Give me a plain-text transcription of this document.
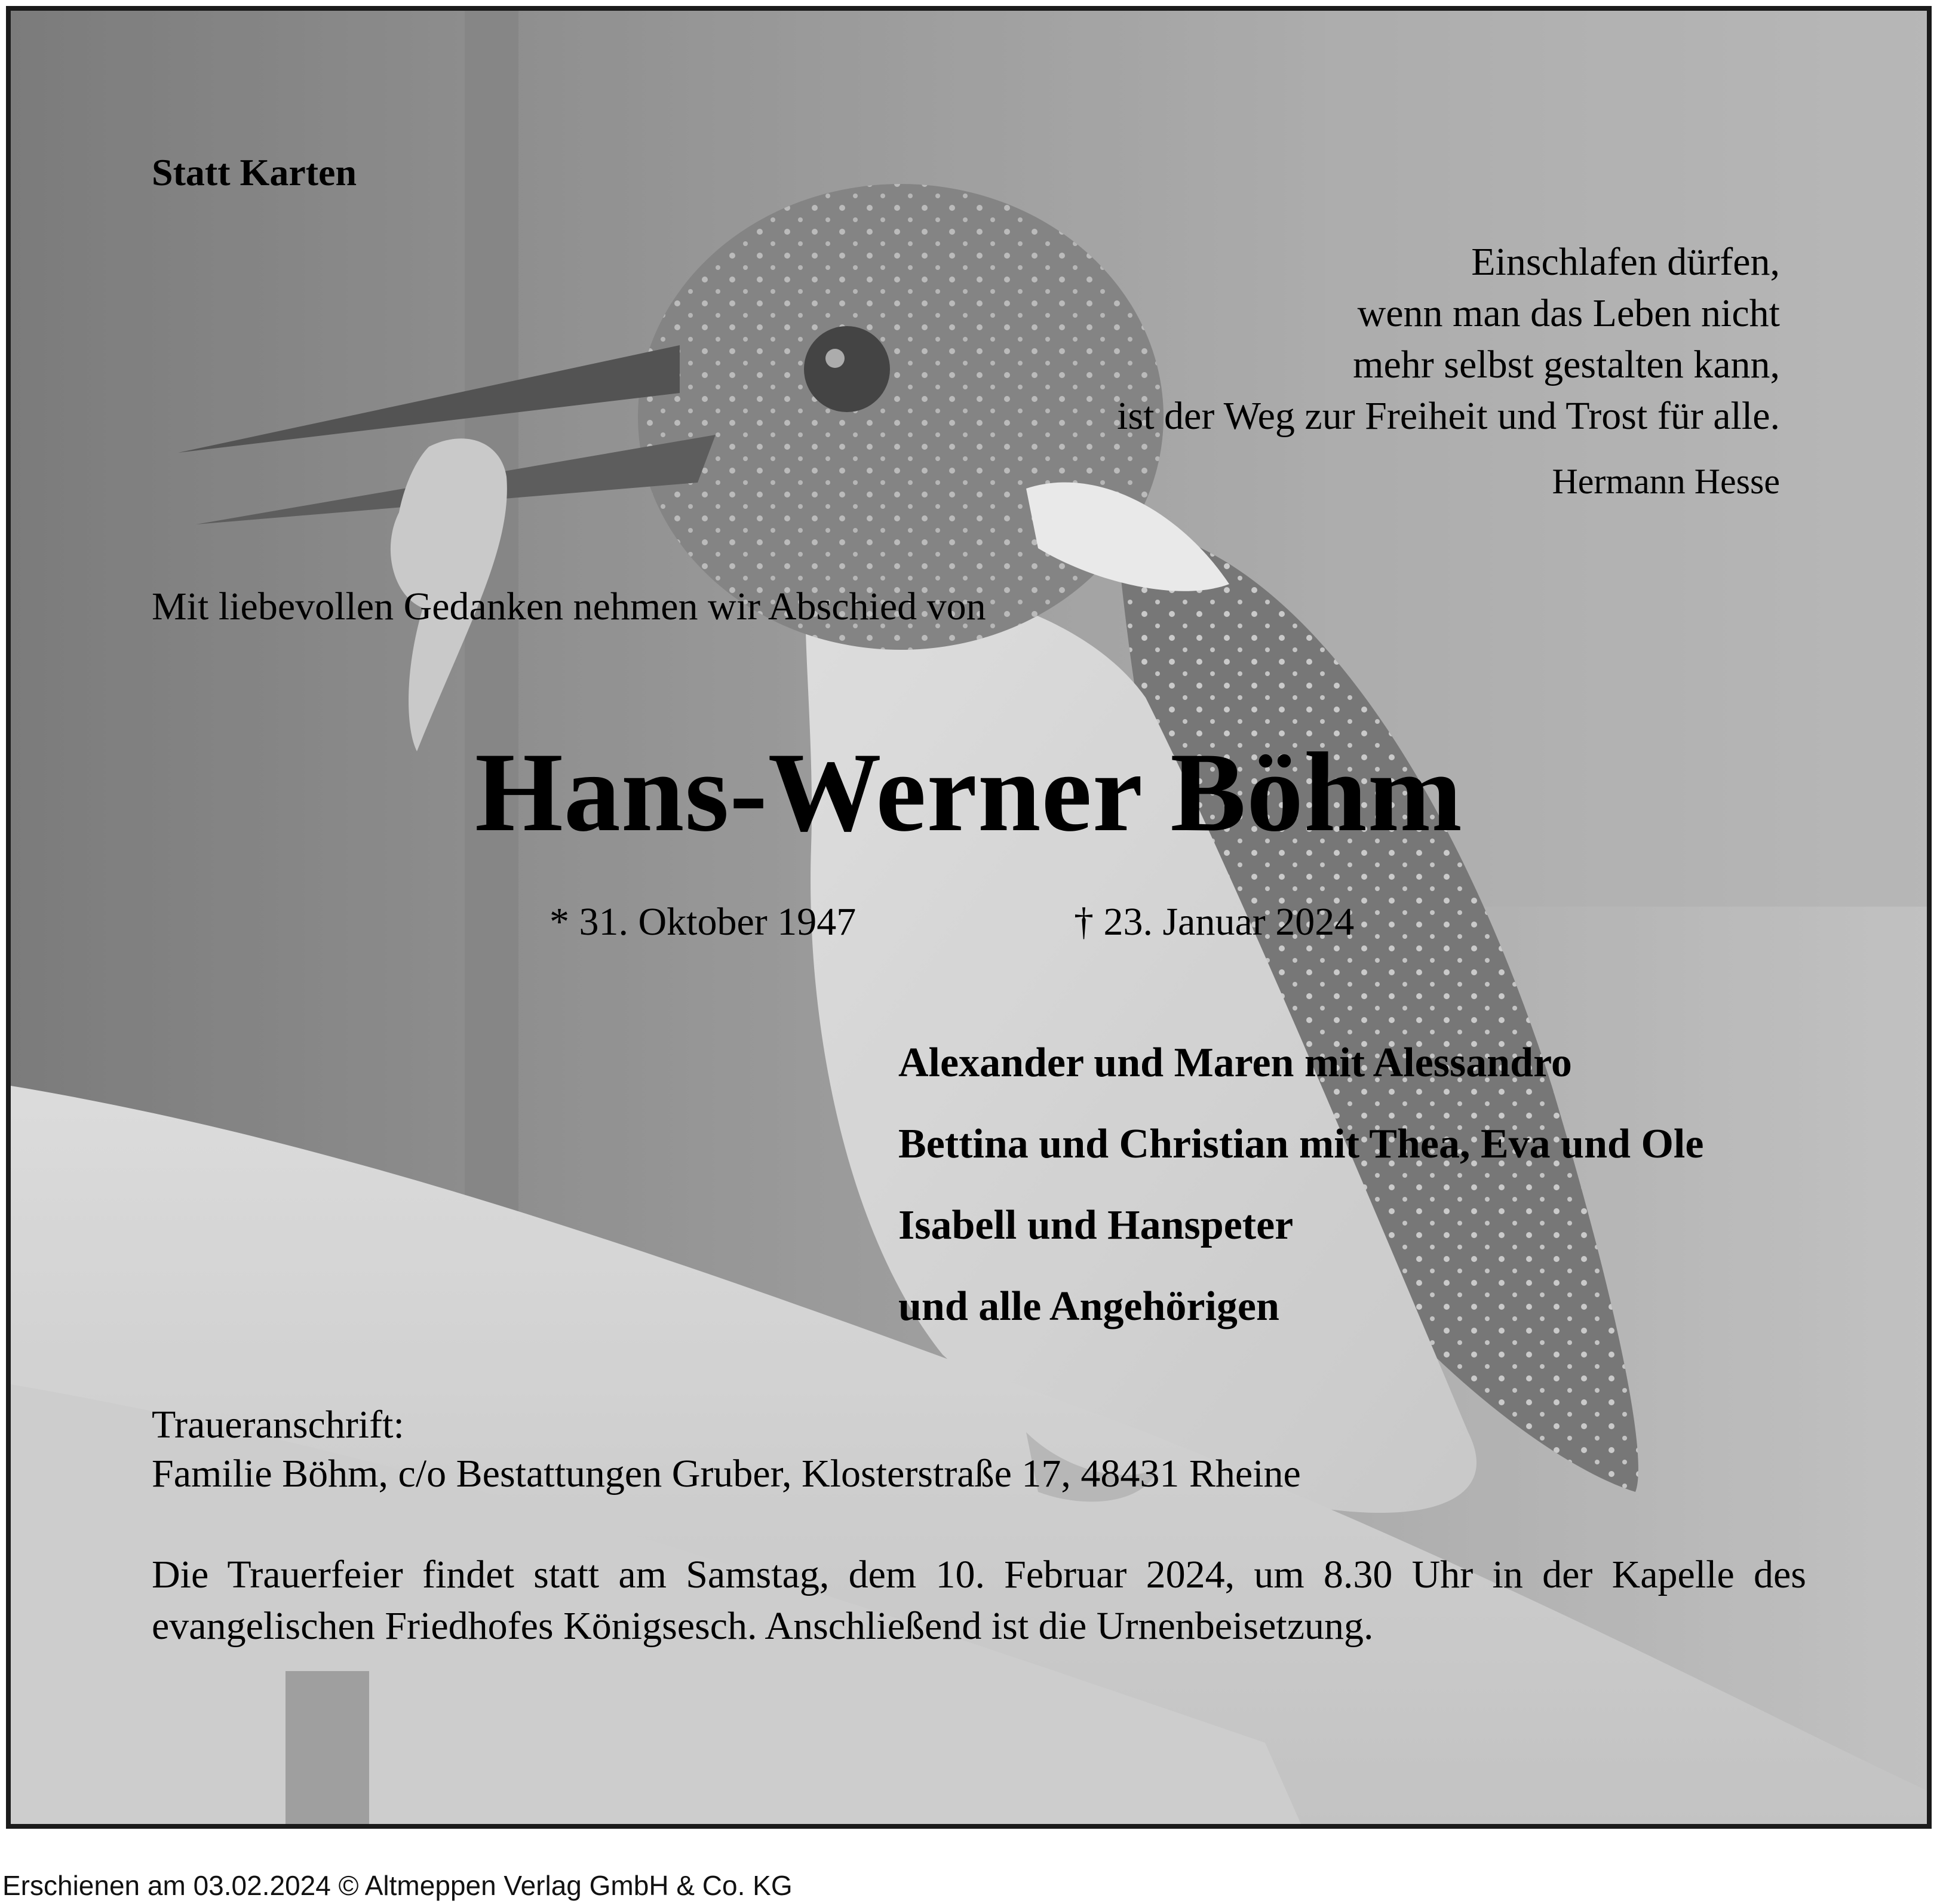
Statt Karten
Einschlafen dürfen,
wenn man das Leben nicht
mehr selbst gestalten kann,
ist der Weg zur Freiheit und Trost für alle.
Hermann Hesse
Mit liebevollen Gedanken nehmen wir Abschied von
Hans-Werner Böhm
* 31. Oktober 1947	† 23. Januar 2024
Alexander und Maren mit Alessandro
Bettina und Christian mit Thea, Eva und Ole
Isabell und Hanspeter
und alle Angehörigen
Traueranschrift:
Familie Böhm, c/o Bestattungen Gruber, Klosterstraße 17, 48431 Rheine
Die Trauerfeier findet statt am Samstag, dem 10. Februar 2024, um 8.30 Uhr in der Kapelle des evangelischen Friedhofes Königsesch. Anschließend ist die Urnenbeisetzung.
Erschienen am 03.02.2024 © Altmeppen Verlag GmbH & Co. KG
